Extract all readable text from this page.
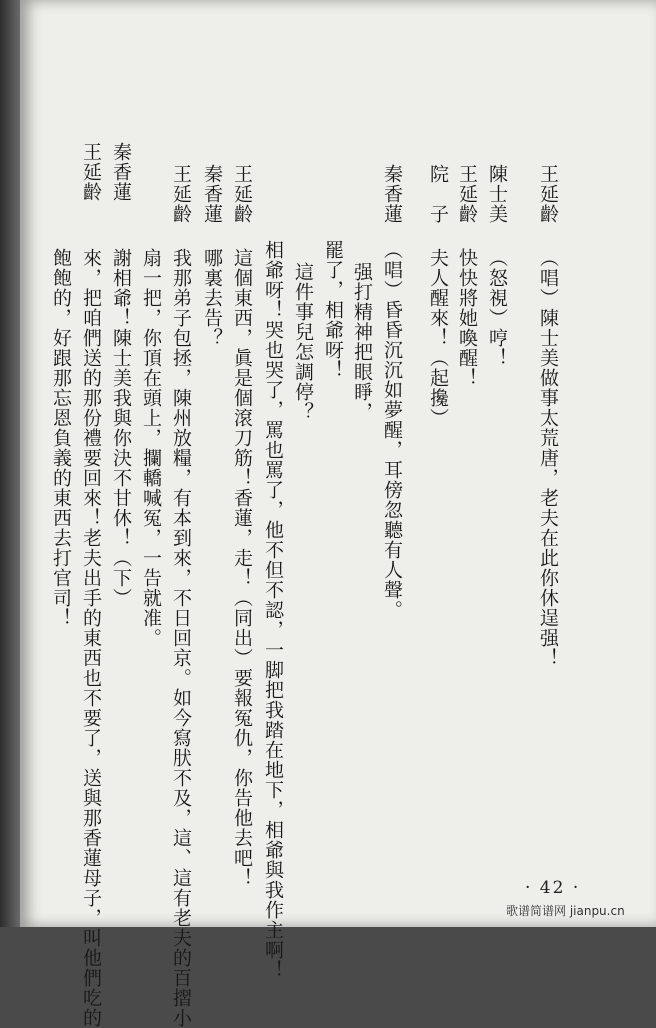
王延齡
（唱）陳士美做事太荒唐，老夫在此你休逞强！
陳士美
（怒視）哼！
王延齡
快快將她喚醒！
院　子
夫人醒來！（起攙）
秦香蓮
（唱）昏昏沉沉如夢醒，耳傍忽聽有人聲。
强打精神把眼睜，
罷了，相爺呀！
這件事兒怎調停？
相爺呀！哭也哭了，罵也罵了，他不但不認，一脚把我踏在地下，相爺與我作主啊！
王延齡
這個東西，眞是個滾刀筋！香蓮，走！（同出）要報冤仇，你告他去吧！
秦香蓮
哪裏去告？
王延齡
我那弟子包拯，陳州放糧，有本到來，不日回京。如今寫肰不及，這、這有老夫的百摺小
扇一把，你頂在頭上，攔轎喊冤，一告就准。
秦香蓮
謝相爺！陳士美我與你決不甘休！（下）
王延齡
來，把咱們送的那份禮要回來！老夫出手的東西也不要了，送與那香蓮母子，叫他們吃的
飽飽的，好跟那忘恩負義的東西去打官司！
· 42 ·
歌谱简谱网 jianpu.cn
